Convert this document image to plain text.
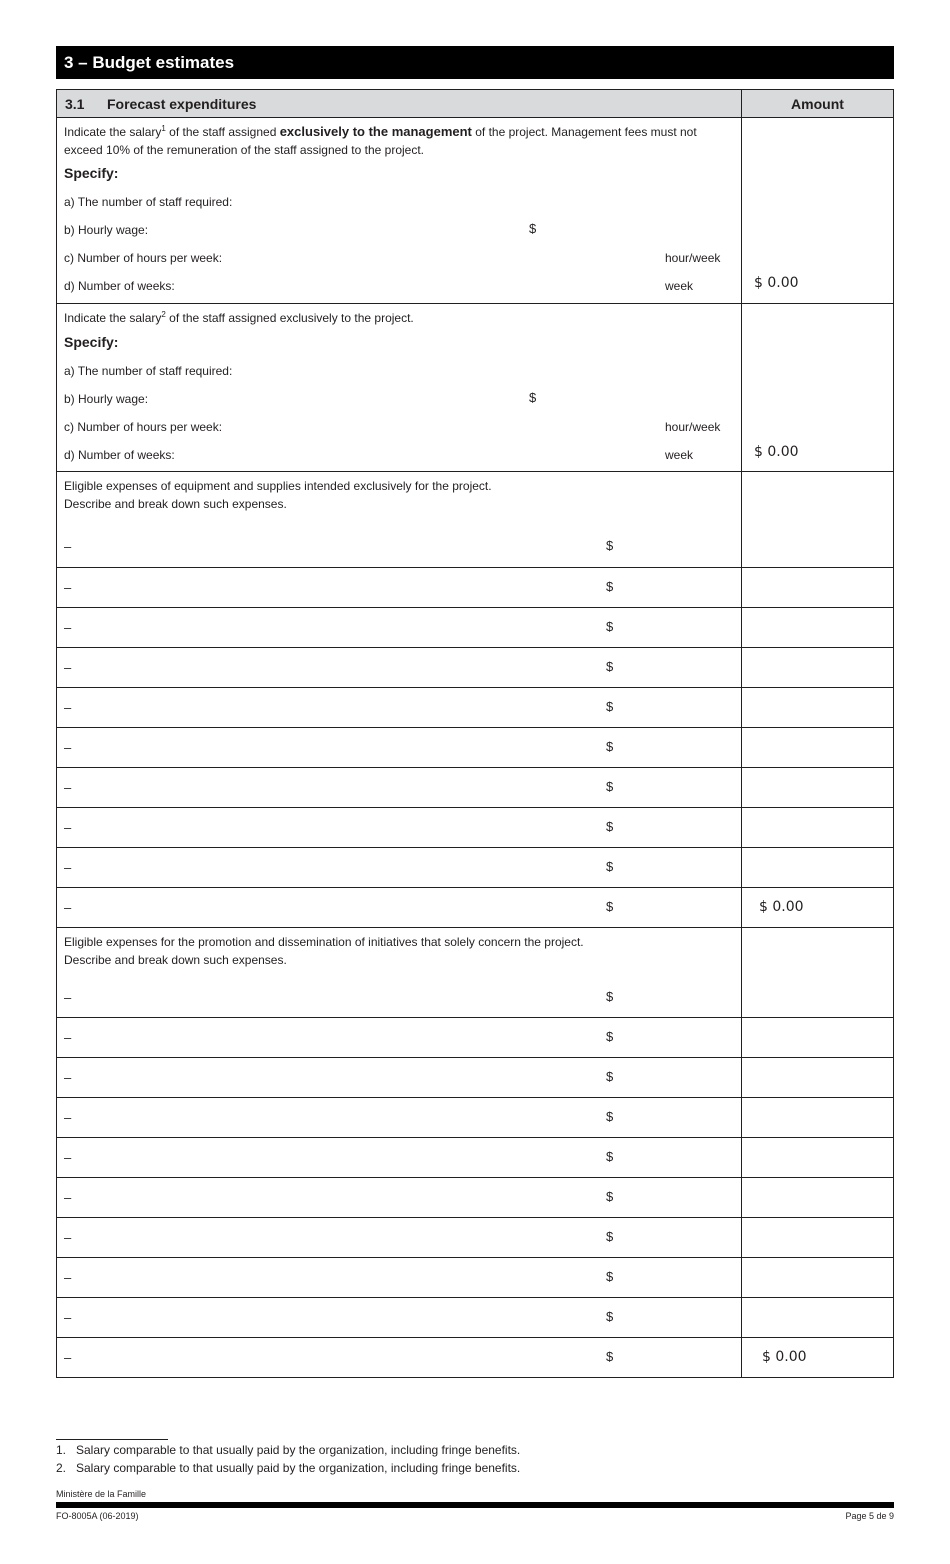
3 – Budget estimates
3.1	Forecast expenditures	Amount
Indicate the salary$^1$ of the staff assigned exclusively to the management of the project. Management fees must not
exceed 10% of the remuneration of the staff assigned to the project.
Specify:
a) The number of staff required:
b) Hourly wage:	$
c) Number of hours per week:	hour/week
d) Number of weeks:	week	$ 0.00
Indicate the salary$^2$ of the staff assigned exclusively to the project.
Specify:
a) The number of staff required:
b) Hourly wage:	$
c) Number of hours per week:	hour/week
d) Number of weeks:	week	$ 0.00
Eligible expenses of equipment and supplies intended exclusively for the project.
Describe and break down such expenses.
–	$
–	$
–	$
–	$
–	$
–	$
–	$
–	$
–	$
–	$	$ 0.00
Eligible expenses for the promotion and dissemination of initiatives that solely concern the project.
Describe and break down such expenses.
–	$
–	$
–	$
–	$
–	$
–	$
–	$
–	$
–	$
–	$	$ 0.00
1. Salary comparable to that usually paid by the organization, including fringe benefits.
2. Salary comparable to that usually paid by the organization, including fringe benefits.
Ministère de la Famille
FO-8005A (06-2019)	Page 5 de 9
